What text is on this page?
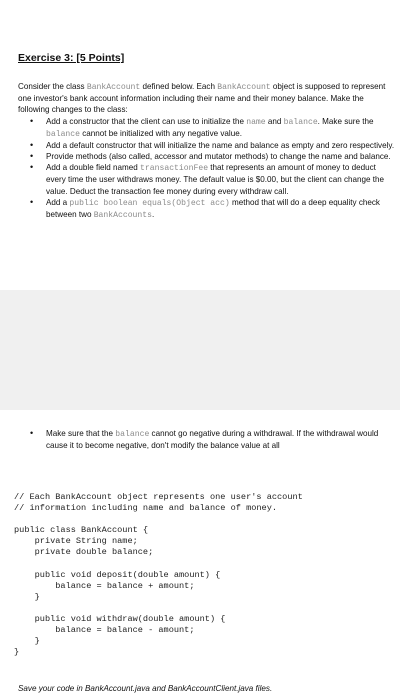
Exercise 3: [5 Points]
Consider the class BankAccount defined below. Each BankAccount object is supposed to represent one investor's bank account information including their name and their money balance. Make the following changes to the class:
• Add a constructor that the client can use to initialize the name and balance. Make sure the balance cannot be initialized with any negative value.
• Add a default constructor that will initialize the name and balance as empty and zero respectively.
• Provide methods (also called, accessor and mutator methods) to change the name and balance.
• Add a double field named transactionFee that represents an amount of money to deduct every time the user withdraws money. The default value is $0.00, but the client can change the value. Deduct the transaction fee money during every withdraw call.
• Add a public boolean equals(Object acc) method that will do a deep equality check between two BankAccounts.
• Make sure that the balance cannot go negative during a withdrawal. If the withdrawal would cause it to become negative, don't modify the balance value at all
// Each BankAccount object represents one user's account
// information including name and balance of money.

public class BankAccount {
private String name;
private double balance;

public void deposit(double amount) {
balance = balance + amount;
}

public void withdraw(double amount) {
balance = balance - amount;
}
}
Save your code in BankAccount.java and BankAccountClient.java files.
